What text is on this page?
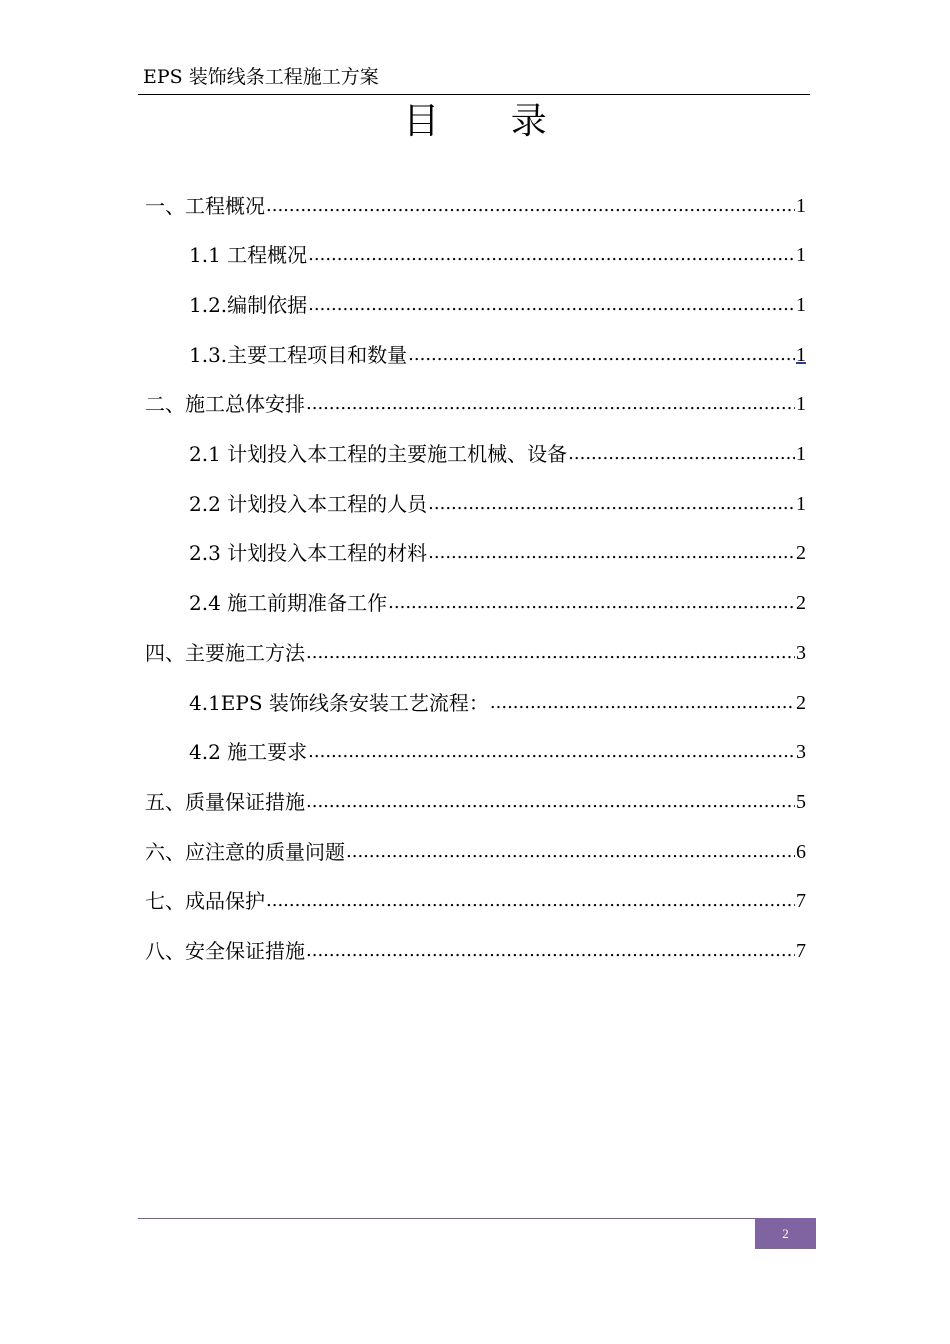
EPS 装饰线条工程施工方案
目 录
一、工程概况 .....	1
1.1 工程概况 .....	1
1.2.编制依据 .....	1
1.3.主要工程项目和数量 .....	1
二、施工总体安排 .....	1
2.1 计划投入本工程的主要施工机械、设备 .....	1
2.2 计划投入本工程的人员 .....	1
2.3 计划投入本工程的材料 .....	2
2.4 施工前期准备工作 .....	2
四、主要施工方法 .....	3
4.1EPS 装饰线条安装工艺流程： .....	2
4.2 施工要求 .....	3
五、质量保证措施 .....	5
六、应注意的质量问题 .....	6
七、成品保护 .....	7
八、安全保证措施 .....	7
2
